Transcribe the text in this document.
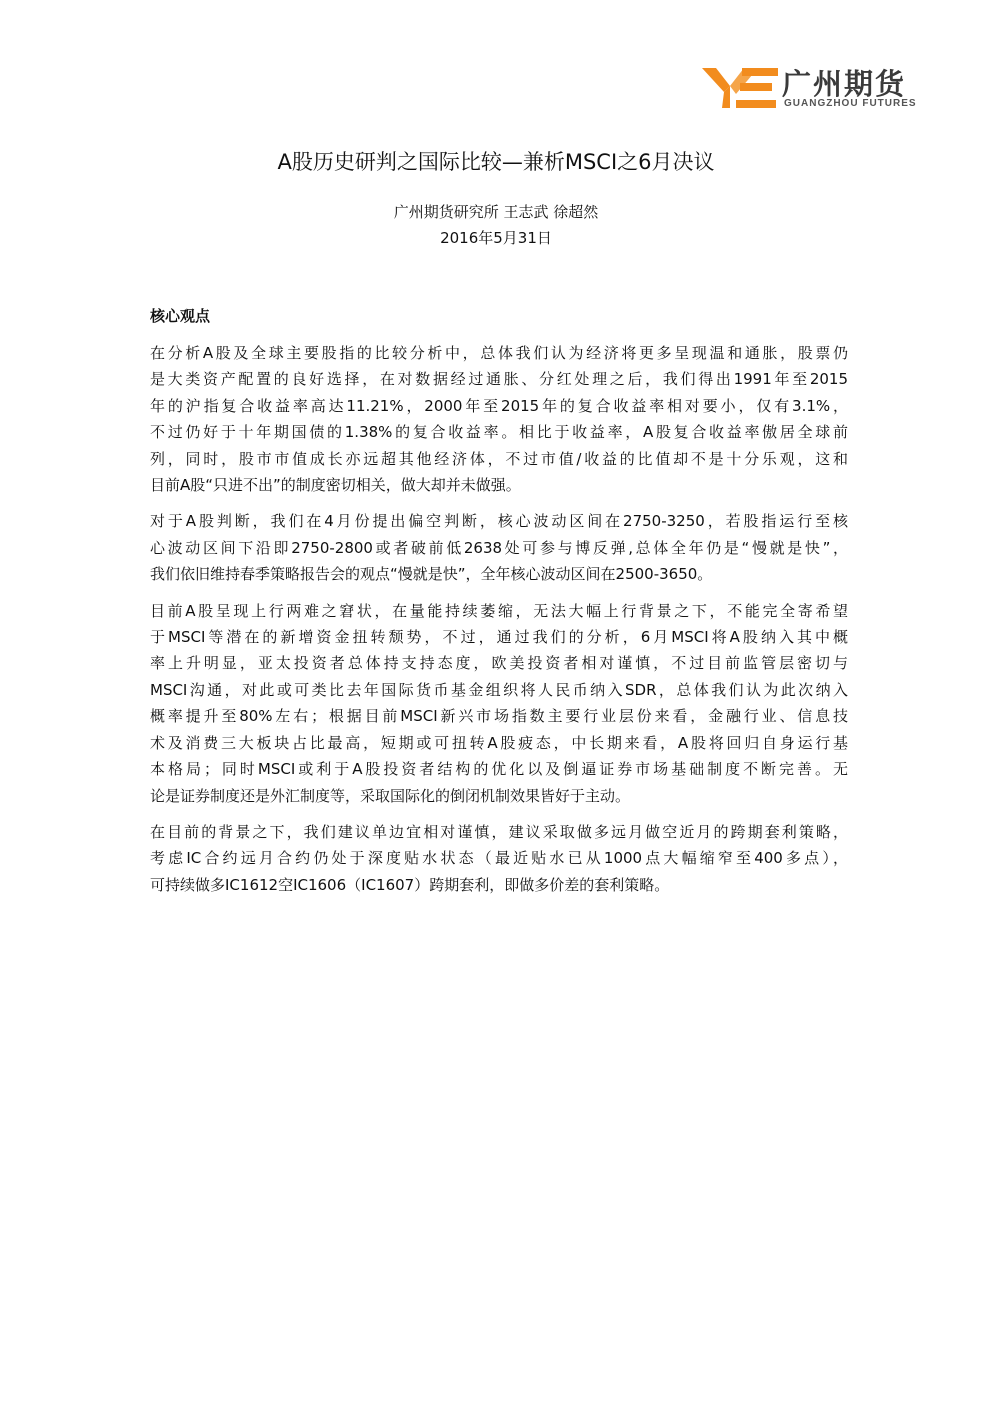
广州期货
GUANGZHOU FUTURES
A股历史研判之国际比较—兼析MSCI之6月决议
广州期货研究所 王志武 徐超然
2016年5月31日
核心观点

在分析A股及全球主要股指的比较分析中，总体我们认为经济将更多呈现温和通胀，股票仍
是大类资产配置的良好选择，在对数据经过通胀、分红处理之后，我们得出1991年至2015
年的沪指复合收益率高达11.21%，2000年至2015年的复合收益率相对要小，仅有3.1%，
不过仍好于十年期国债的1.38%的复合收益率。相比于收益率，A股复合收益率傲居全球前
列，同时，股市市值成长亦远超其他经济体，不过市值/收益的比值却不是十分乐观，这和
目前A股“只进不出”的制度密切相关，做大却并未做强。

对于A股判断，我们在4月份提出偏空判断，核心波动区间在2750-3250，若股指运行至核
心波动区间下沿即2750-2800或者破前低2638处可参与博反弹,总体全年仍是“慢就是快”，
我们依旧维持春季策略报告会的观点“慢就是快”，全年核心波动区间在2500-3650。

目前A股呈现上行两难之窘状，在量能持续萎缩，无法大幅上行背景之下，不能完全寄希望
于MSCI等潜在的新增资金扭转颓势，不过，通过我们的分析，6月MSCI将A股纳入其中概
率上升明显，亚太投资者总体持支持态度，欧美投资者相对谨慎，不过目前监管层密切与
MSCI沟通，对此或可类比去年国际货币基金组织将人民币纳入SDR，总体我们认为此次纳入
概率提升至80%左右；根据目前MSCI新兴市场指数主要行业层份来看，金融行业、信息技
术及消费三大板块占比最高，短期或可扭转A股疲态，中长期来看，A股将回归自身运行基
本格局；同时MSCI或利于A股投资者结构的优化以及倒逼证券市场基础制度不断完善。无
论是证券制度还是外汇制度等，采取国际化的倒闭机制效果皆好于主动。

在目前的背景之下，我们建议单边宜相对谨慎，建议采取做多远月做空近月的跨期套利策略，
考虑IC合约远月合约仍处于深度贴水状态（最近贴水已从1000点大幅缩窄至400多点），
可持续做多IC1612空IC1606（IC1607）跨期套利，即做多价差的套利策略。
